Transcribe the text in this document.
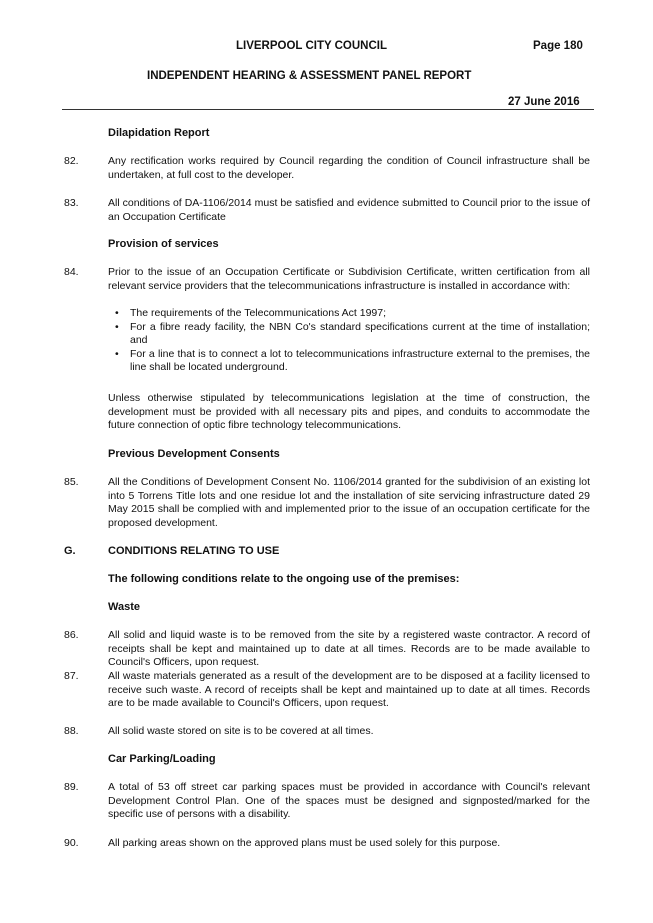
LIVERPOOL CITY COUNCIL	Page 180
INDEPENDENT HEARING & ASSESSMENT PANEL REPORT
27 June 2016
Dilapidation Report
82.	Any rectification works required by Council regarding the condition of Council infrastructure shall be undertaken, at full cost to the developer.
83.	All conditions of DA-1106/2014 must be satisfied and evidence submitted to Council prior to the issue of an Occupation Certificate
Provision of services
84.	Prior to the issue of an Occupation Certificate or Subdivision Certificate, written certification from all relevant service providers that the telecommunications infrastructure is installed in accordance with:
• The requirements of the Telecommunications Act 1997;
• For a fibre ready facility, the NBN Co's standard specifications current at the time of installation; and
• For a line that is to connect a lot to telecommunications infrastructure external to the premises, the line shall be located underground.
Unless otherwise stipulated by telecommunications legislation at the time of construction, the development must be provided with all necessary pits and pipes, and conduits to accommodate the future connection of optic fibre technology telecommunications.
Previous Development Consents
85.	All the Conditions of Development Consent No. 1106/2014 granted for the subdivision of an existing lot into 5 Torrens Title lots and one residue lot and the installation of site servicing infrastructure dated 29 May 2015 shall be complied with and implemented prior to the issue of an occupation certificate for the proposed development.
G.	CONDITIONS RELATING TO USE
The following conditions relate to the ongoing use of the premises:
Waste
86.	All solid and liquid waste is to be removed from the site by a registered waste contractor. A record of receipts shall be kept and maintained up to date at all times. Records are to be made available to Council's Officers, upon request.
87.	All waste materials generated as a result of the development are to be disposed at a facility licensed to receive such waste. A record of receipts shall be kept and maintained up to date at all times. Records are to be made available to Council's Officers, upon request.
88.	All solid waste stored on site is to be covered at all times.
Car Parking/Loading
89.	A total of 53 off street car parking spaces must be provided in accordance with Council's relevant Development Control Plan. One of the spaces must be designed and signposted/marked for the specific use of persons with a disability.
90.	All parking areas shown on the approved plans must be used solely for this purpose.
